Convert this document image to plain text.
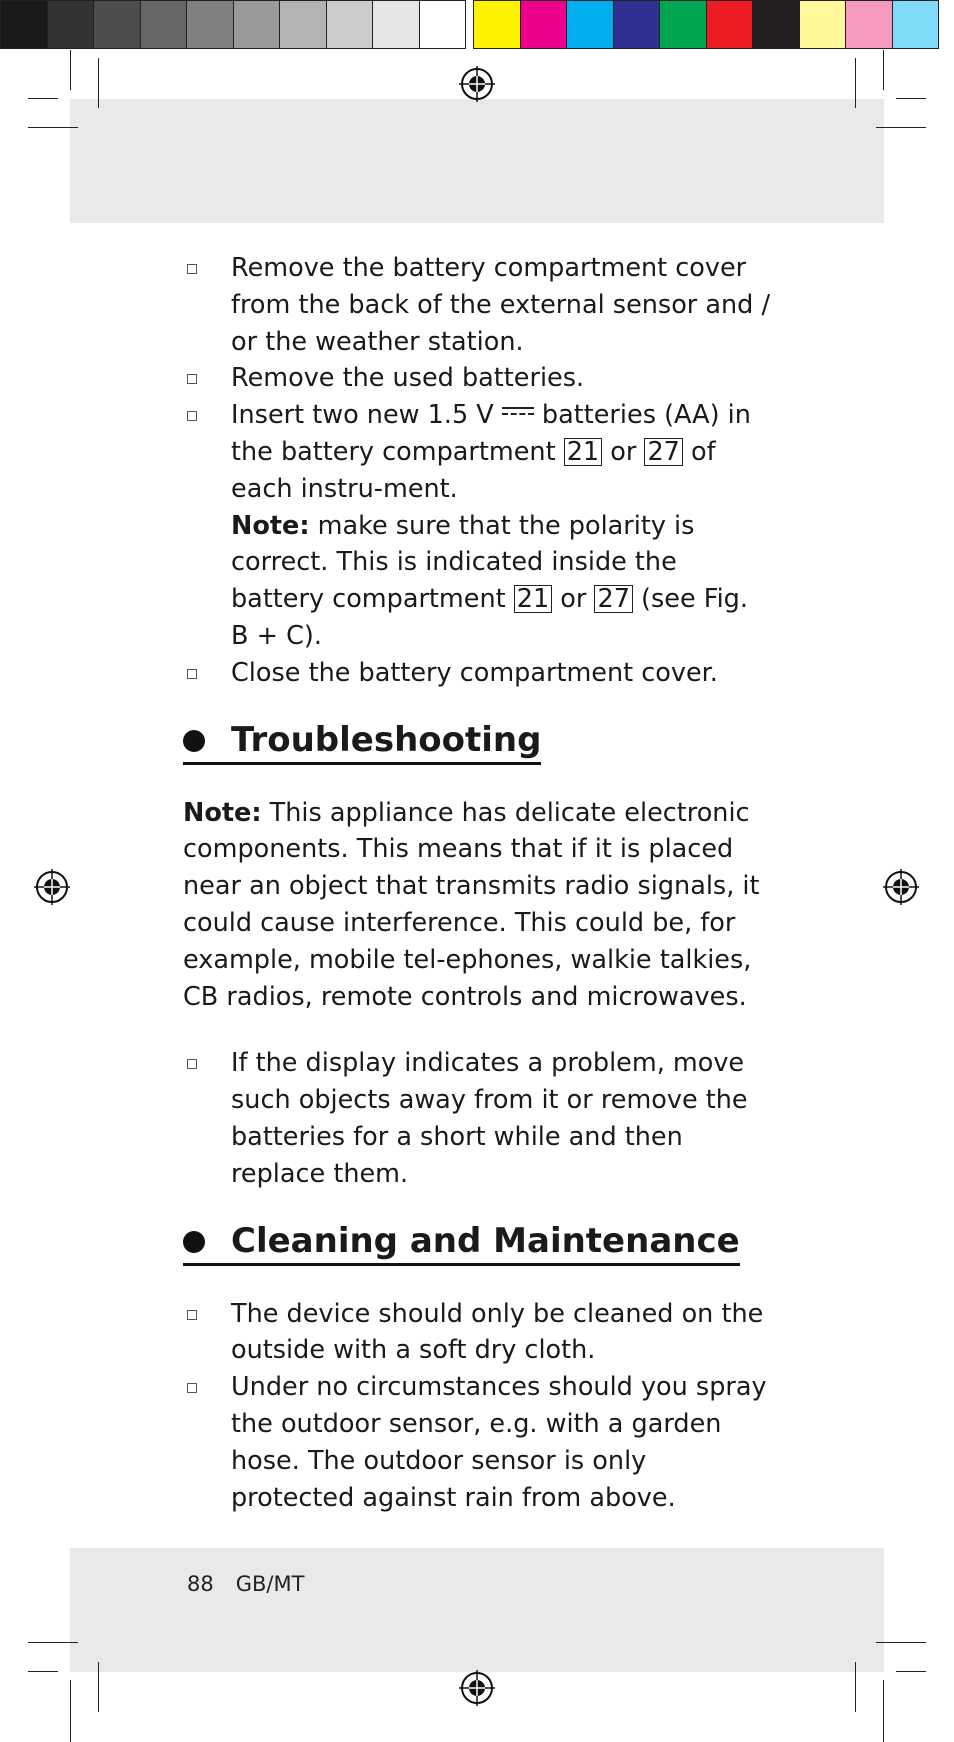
Remove the battery compartment cover from the back of the external sensor and / or the weather station.
Remove the used batteries.
Insert two new 1.5 V  batteries (AA) in the battery compartment 21 or 27 of each instru-ment.
Note: make sure that the polarity is correct. This is indicated inside the battery compartment 21 or 27 (see Fig. B + C).
Close the battery compartment cover.
Troubleshooting

Note: This appliance has delicate electronic components. This means that if it is placed near an object that transmits radio signals, it could cause interference. This could be, for example, mobile tel-ephones, walkie talkies, CB radios, remote controls and microwaves.

If the display indicates a problem, move such objects away from it or remove the batteries for a short while and then replace them.
Cleaning and Maintenance
The device should only be cleaned on the outside with a soft dry cloth.
Under no circumstances should you spray the outdoor sensor, e.g. with a garden hose. The outdoor sensor is only protected against rain from above.
88 GB/MT
